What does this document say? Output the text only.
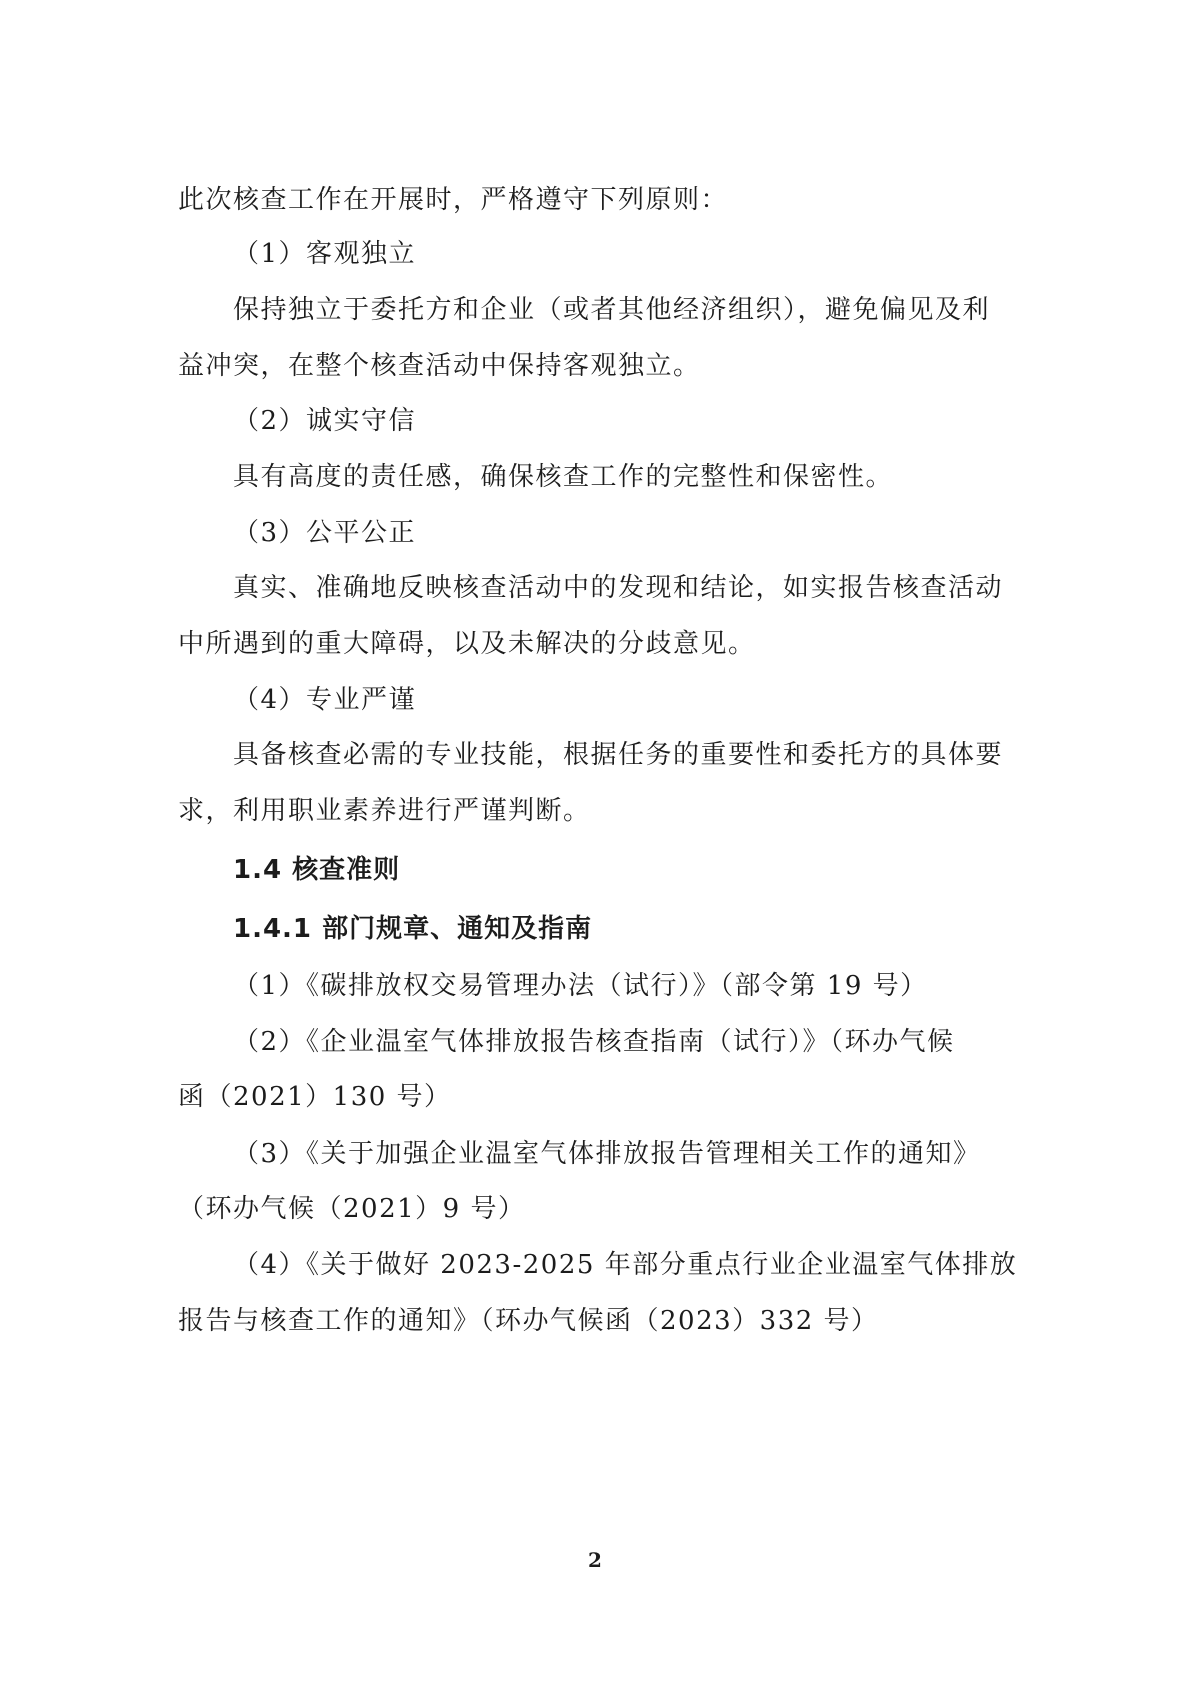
此次核查工作在开展时，严格遵守下列原则：
（1）客观独立
保持独立于委托方和企业（或者其他经济组织），避免偏见及利
益冲突，在整个核查活动中保持客观独立。
（2）诚实守信
具有高度的责任感，确保核查工作的完整性和保密性。
（3）公平公正
真实、准确地反映核查活动中的发现和结论，如实报告核查活动
中所遇到的重大障碍，以及未解决的分歧意见。
（4）专业严谨
具备核查必需的专业技能，根据任务的重要性和委托方的具体要
求，利用职业素养进行严谨判断。
1.4 核查准则
1.4.1 部门规章、通知及指南
（1）《碳排放权交易管理办法（试行）》（部令第 19 号）
（2）《企业温室气体排放报告核查指南（试行）》（环办气候
函（2021）130 号）
（3）《关于加强企业温室气体排放报告管理相关工作的通知》
（环办气候（2021）9 号）
（4）《关于做好 2023-2025 年部分重点行业企业温室气体排放
报告与核查工作的通知》（环办气候函（2023）332 号）
2
